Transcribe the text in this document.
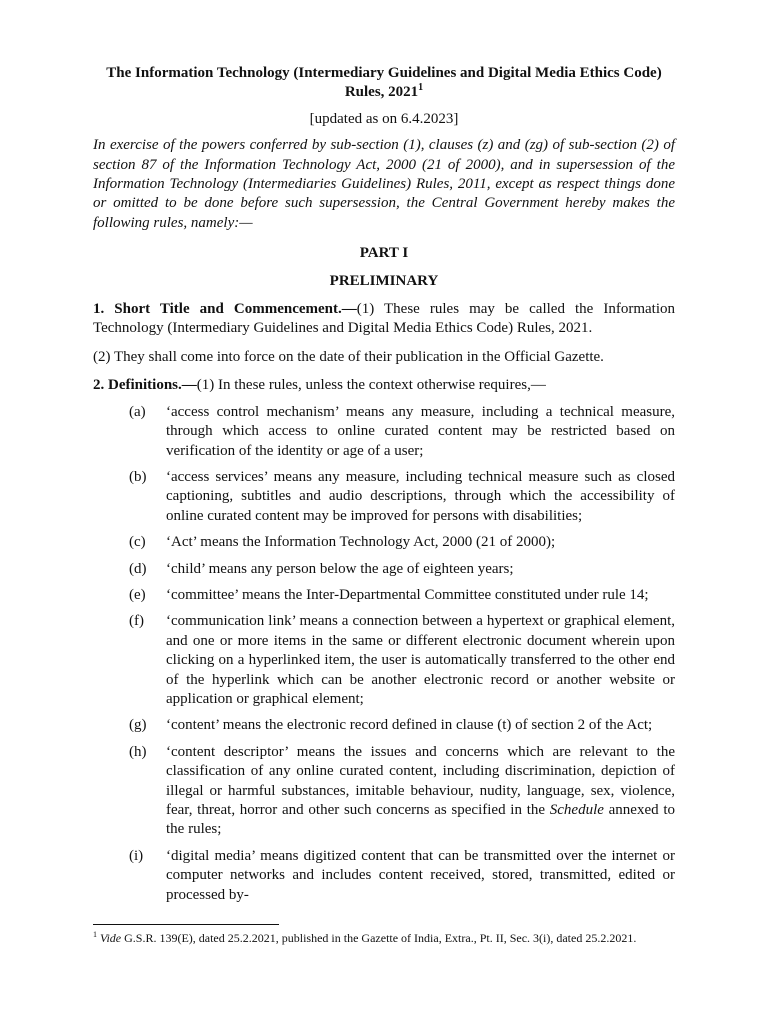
The Information Technology (Intermediary Guidelines and Digital Media Ethics Code)
Rules, 2021$^1$

[updated as on 6.4.2023]

In exercise of the powers conferred by sub-section (1), clauses (z) and (zg) of sub-section (2) of section 87 of the Information Technology Act, 2000 (21 of 2000), and in supersession of the Information Technology (Intermediaries Guidelines) Rules, 2011, except as respect things done or omitted to be done before such supersession, the Central Government hereby makes the following rules, namely:—

PART I

PRELIMINARY

1. Short Title and Commencement.—(1) These rules may be called the Information Technology (Intermediary Guidelines and Digital Media Ethics Code) Rules, 2021.

(2) They shall come into force on the date of their publication in the Official Gazette.

2. Definitions.—(1) In these rules, unless the context otherwise requires,—

(a)	‘access control mechanism’ means any measure, including a technical measure, through which access to online curated content may be restricted based on verification of the identity or age of a user;
(b)	‘access services’ means any measure, including technical measure such as closed captioning, subtitles and audio descriptions, through which the accessibility of online curated content may be improved for persons with disabilities;
(c)	‘Act’ means the Information Technology Act, 2000 (21 of 2000);
(d)	‘child’ means any person below the age of eighteen years;
(e)	‘committee’ means the Inter-Departmental Committee constituted under rule 14;
(f)	‘communication link’ means a connection between a hypertext or graphical element, and one or more items in the same or different electronic document wherein upon clicking on a hyperlinked item, the user is automatically transferred to the other end of the hyperlink which can be another electronic record or another website or application or graphical element;
(g)	‘content’ means the electronic record defined in clause (t) of section 2 of the Act;
(h)	‘content descriptor’ means the issues and concerns which are relevant to the classification of any online curated content, including discrimination, depiction of illegal or harmful substances, imitable behaviour, nudity, language, sex, violence, fear, threat, horror and other such concerns as specified in the Schedule annexed to the rules;
(i)	‘digital media’ means digitized content that can be transmitted over the internet or computer networks and includes content received, stored, transmitted, edited or processed by-
$^1$ Vide G.S.R. 139(E), dated 25.2.2021, published in the Gazette of India, Extra., Pt. II, Sec. 3(i), dated 25.2.2021.
